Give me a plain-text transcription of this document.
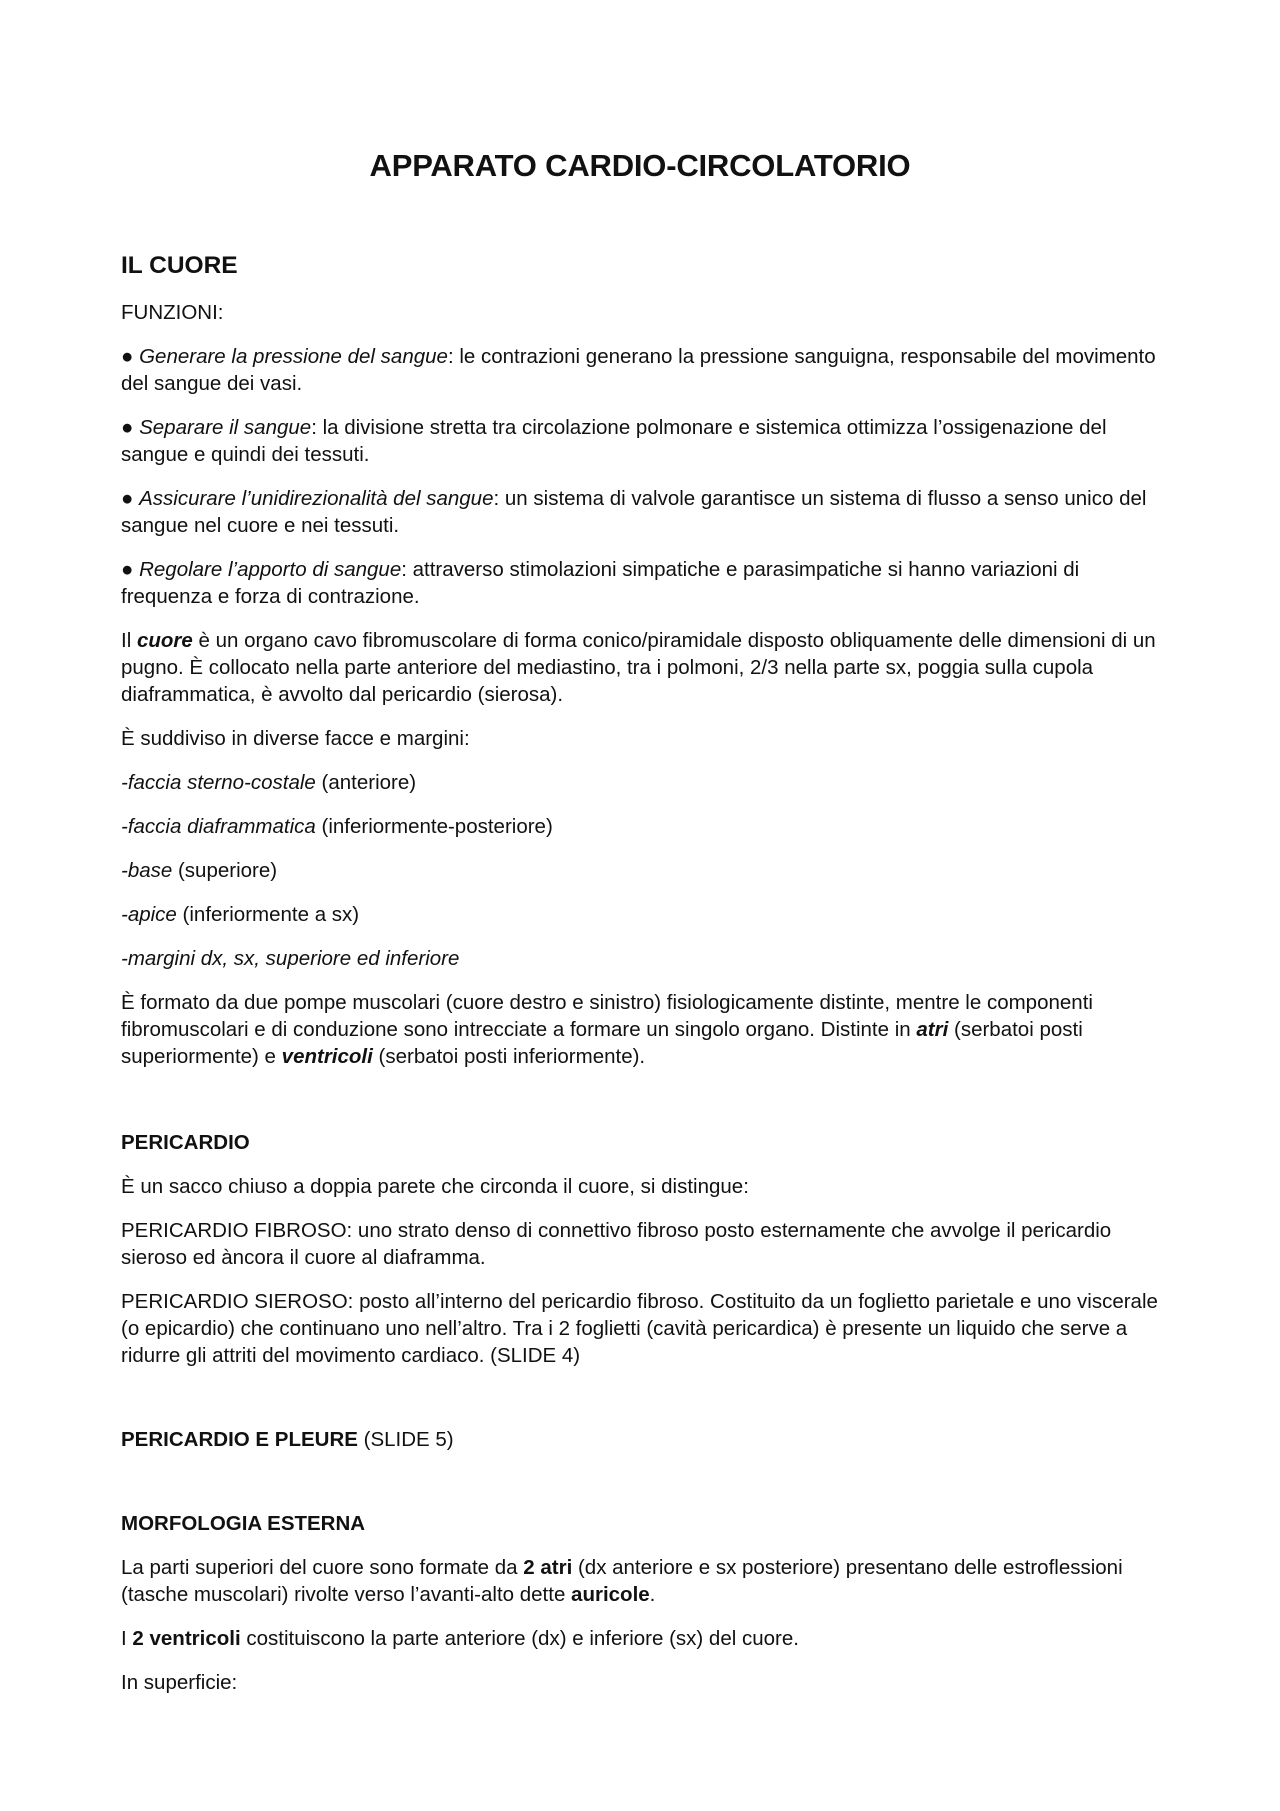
APPARATO CARDIO-CIRCOLATORIO
IL CUORE

FUNZIONI:

● Generare la pressione del sangue: le contrazioni generano la pressione sanguigna, responsabile del movimento del sangue dei vasi.

● Separare il sangue: la divisione stretta tra circolazione polmonare e sistemica ottimizza l’ossigenazione del sangue e quindi dei tessuti.

● Assicurare l’unidirezionalità del sangue: un sistema di valvole garantisce un sistema di flusso a senso unico del sangue nel cuore e nei tessuti.

● Regolare l’apporto di sangue: attraverso stimolazioni simpatiche e parasimpatiche si hanno variazioni di frequenza e forza di contrazione.

Il cuore è un organo cavo fibromuscolare di forma conico/piramidale disposto obliquamente delle dimensioni di un pugno. È collocato nella parte anteriore del mediastino, tra i polmoni, 2/3 nella parte sx, poggia sulla cupola diaframmatica, è avvolto dal pericardio (sierosa).

È suddiviso in diverse facce e margini:

-faccia sterno-costale (anteriore)

-faccia diaframmatica (inferiormente-posteriore)

-base (superiore)

-apice (inferiormente a sx)

-margini dx, sx, superiore ed inferiore

È formato da due pompe muscolari (cuore destro e sinistro) fisiologicamente distinte, mentre le componenti fibromuscolari e di conduzione sono intrecciate a formare un singolo organo. Distinte in atri (serbatoi posti superiormente) e ventricoli (serbatoi posti inferiormente).

PERICARDIO

È un sacco chiuso a doppia parete che circonda il cuore, si distingue:

PERICARDIO FIBROSO: uno strato denso di connettivo fibroso posto esternamente che avvolge il pericardio sieroso ed àncora il cuore al diaframma.

PERICARDIO SIEROSO: posto all’interno del pericardio fibroso. Costituito da un foglietto parietale e uno viscerale (o epicardio) che continuano uno nell’altro. Tra i 2 foglietti (cavità pericardica) è presente un liquido che serve a ridurre gli attriti del movimento cardiaco. (SLIDE 4)

PERICARDIO E PLEURE (SLIDE 5)

MORFOLOGIA ESTERNA

La parti superiori del cuore sono formate da 2 atri (dx anteriore e sx posteriore) presentano delle estroflessioni (tasche muscolari) rivolte verso l’avanti-alto dette auricole.

I 2 ventricoli costituiscono la parte anteriore (dx) e inferiore (sx) del cuore.

In superficie:
